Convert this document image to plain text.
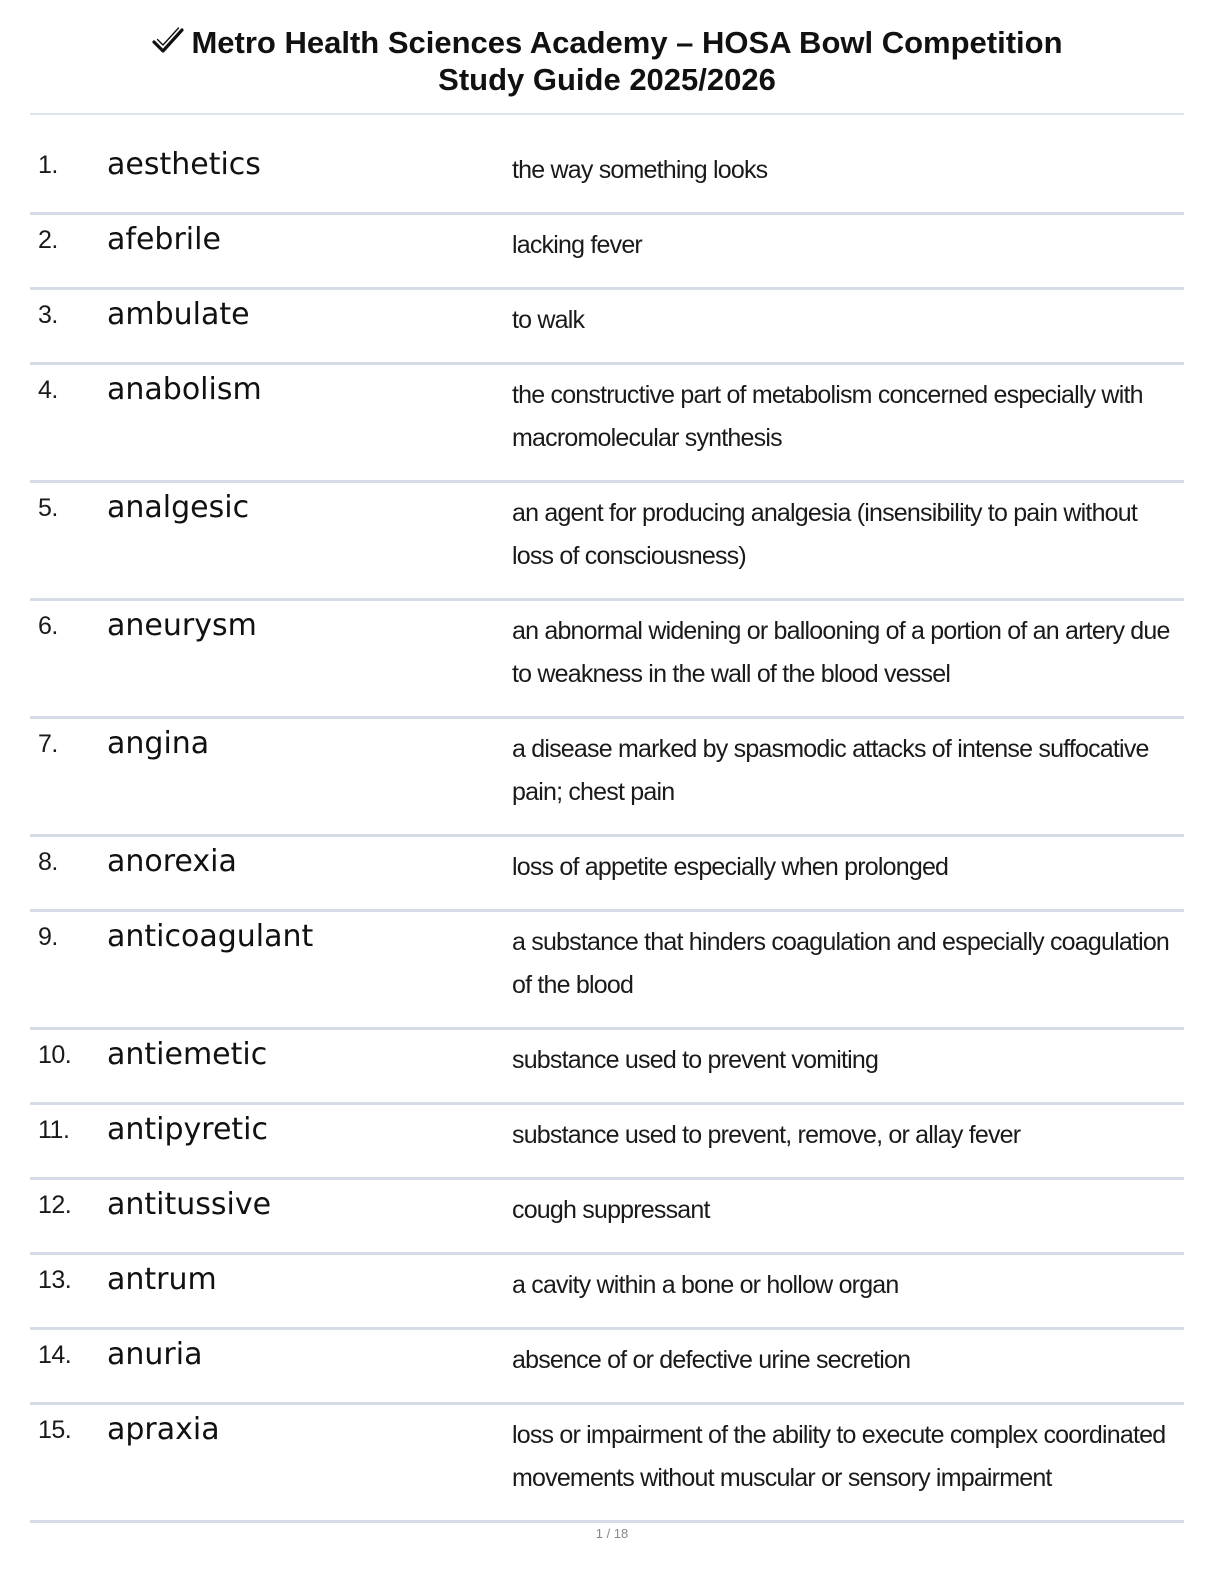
Metro Health Sciences Academy – HOSA Bowl Competition
Study Guide 2025/2026
1. aesthetics	the way something looks
2. afebrile	lacking fever
3. ambulate	to walk
4. anabolism	the constructive part of metabolism concerned especially with macromolecular synthesis
5. analgesic	an agent for producing analgesia (insensibility to pain without loss of consciousness)
6. aneurysm	an abnormal widening or ballooning of a portion of an artery due to weakness in the wall of the blood vessel
7. angina	a disease marked by spasmodic attacks of intense suffocative pain; chest pain
8. anorexia	loss of appetite especially when prolonged
9. anticoagulant	a substance that hinders coagulation and especially coagulation of the blood
10. antiemetic	substance used to prevent vomiting
11. antipyretic	substance used to prevent, remove, or allay fever
12. antitussive	cough suppressant
13. antrum	a cavity within a bone or hollow organ
14. anuria	absence of or defective urine secretion
15. apraxia	loss or impairment of the ability to execute complex coordinated movements without muscular or sensory impairment
1 / 18
